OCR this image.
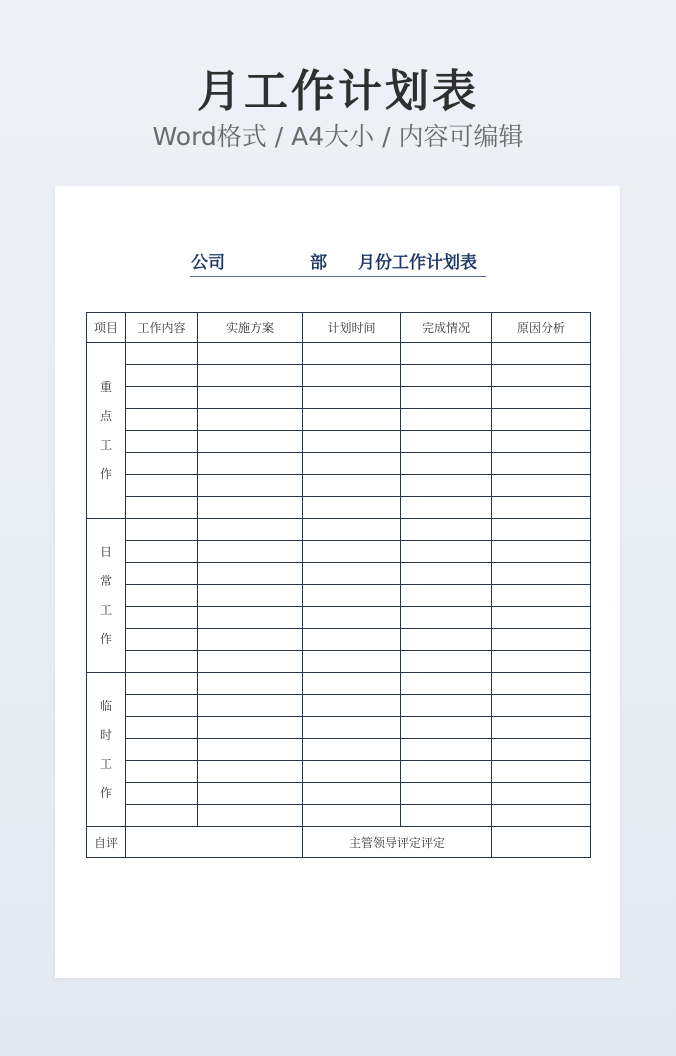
月工作计划表
Word格式 / A4大小 / 内容可编辑
公司	部 月份工作计划表
项目	工作内容	实施方案	计划时间	完成情况	原因分析

重
点
工
作					

日
常
工
作					

临
时
工
作					

自评			主管领导评定评定		
